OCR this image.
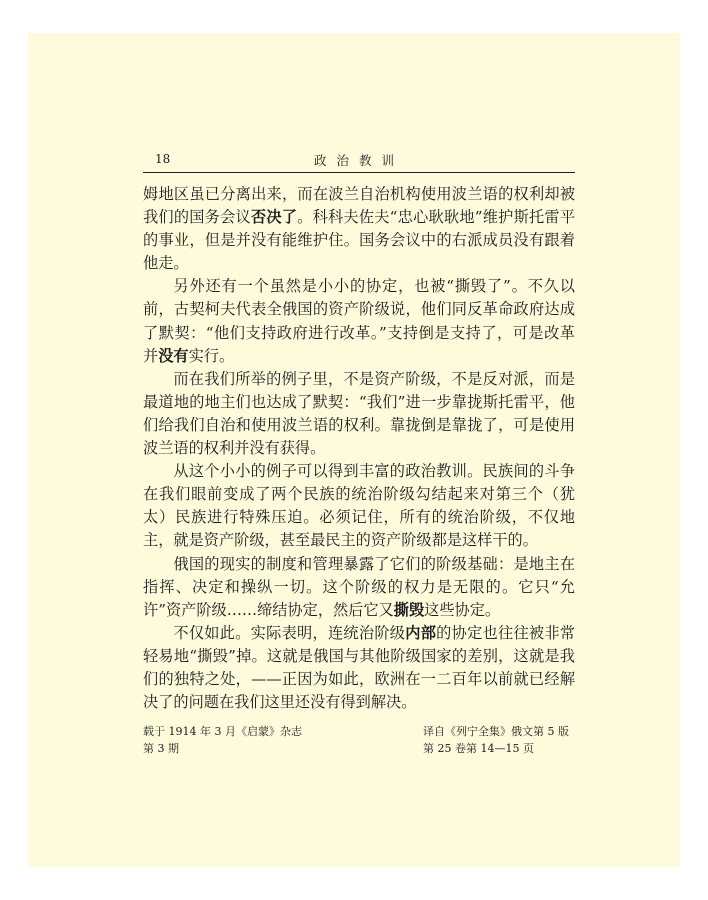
18	政治教训

姆地区虽已分离出来，而在波兰自治机构使用波兰语的权利却被我们的国务会议否决了。科科夫佐夫“忠心耿耿地”维护斯托雷平的事业，但是并没有能维护住。国务会议中的右派成员没有跟着他走。

另外还有一个虽然是小小的协定，也被“撕毁了”。不久以前，古契柯夫代表全俄国的资产阶级说，他们同反革命政府达成了默契：“他们支持政府进行改革。”支持倒是支持了，可是改革并没有实行。

而在我们所举的例子里，不是资产阶级，不是反对派，而是最道地的地主们也达成了默契：“我们”进一步靠拢斯托雷平，他们给我们自治和使用波兰语的权利。靠拢倒是靠拢了，可是使用波兰语的权利并没有获得。

从这个小小的例子可以得到丰富的政治教训。民族间的斗争在我们眼前变成了两个民族的统治阶级勾结起来对第三个（犹太）民族进行特殊压迫。必须记住，所有的统治阶级，不仅地主，就是资产阶级，甚至最民主的资产阶级都是这样干的。

俄国的现实的制度和管理暴露了它们的阶级基础：是地主在指挥、决定和操纵一切。这个阶级的权力是无限的。它只“允许”资产阶级……缔结协定，然后它又撕毁这些协定。

不仅如此。实际表明，连统治阶级内部的协定也往往被非常轻易地“撕毁”掉。这就是俄国与其他阶级国家的差别，这就是我们的独特之处，——正因为如此，欧洲在一二百年以前就已经解决了的问题在我们这里还没有得到解决。

载于 1914 年 3 月《启蒙》杂志
第 3 期
译自《列宁全集》俄文第 5 版
第 25 卷第 14—15 页
